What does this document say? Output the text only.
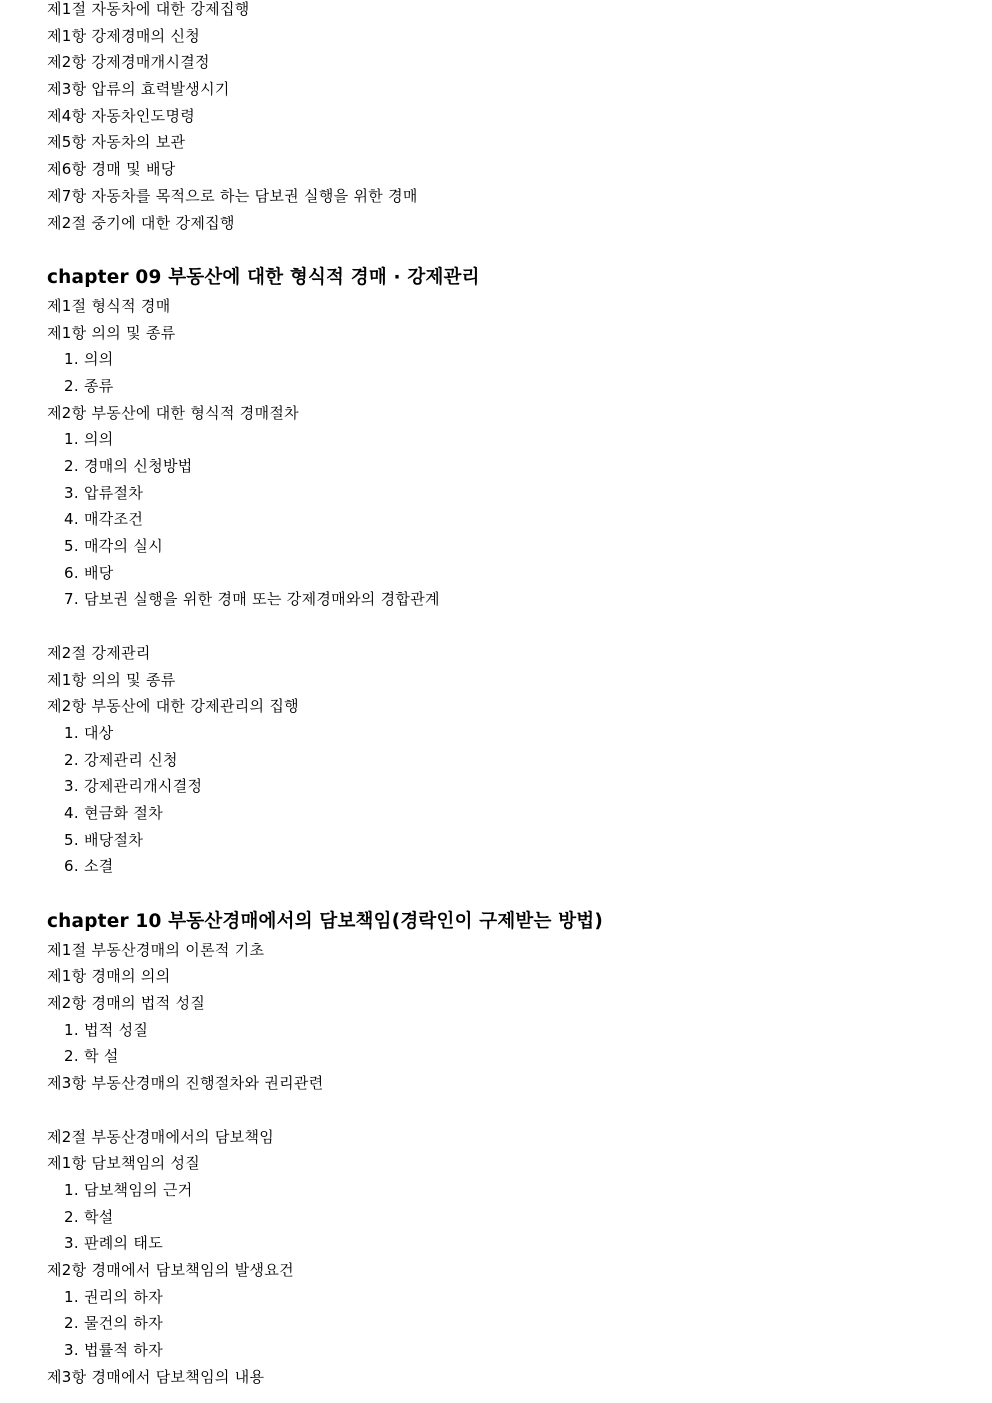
제1절 자동차에 대한 강제집행
제1항 강제경매의 신청
제2항 강제경매개시결정
제3항 압류의 효력발생시기
제4항 자동차인도명령
제5항 자동차의 보관
제6항 경매 및 배당
제7항 자동차를 목적으로 하는 담보권 실행을 위한 경매
제2절 중기에 대한 강제집행
chapter 09 부동산에 대한 형식적 경매 · 강제관리
제1절 형식적 경매
제1항 의의 및 종류
1. 의의
2. 종류
제2항 부동산에 대한 형식적 경매절차
1. 의의
2. 경매의 신청방법
3. 압류절차
4. 매각조건
5. 매각의 실시
6. 배당
7. 담보권 실행을 위한 경매 또는 강제경매와의 경합관계
제2절 강제관리
제1항 의의 및 종류
제2항 부동산에 대한 강제관리의 집행
1. 대상
2. 강제관리 신청
3. 강제관리개시결정
4. 현금화 절차
5. 배당절차
6. 소결
chapter 10 부동산경매에서의 담보책임(경락인이 구제받는 방법)
제1절 부동산경매의 이론적 기초
제1항 경매의 의의
제2항 경매의 법적 성질
1. 법적 성질
2. 학 설
제3항 부동산경매의 진행절차와 권리관련
제2절 부동산경매에서의 담보책임
제1항 담보책임의 성질
1. 담보책임의 근거
2. 학설
3. 판례의 태도
제2항 경매에서 담보책임의 발생요건
1. 권리의 하자
2. 물건의 하자
3. 법률적 하자
제3항 경매에서 담보책임의 내용
